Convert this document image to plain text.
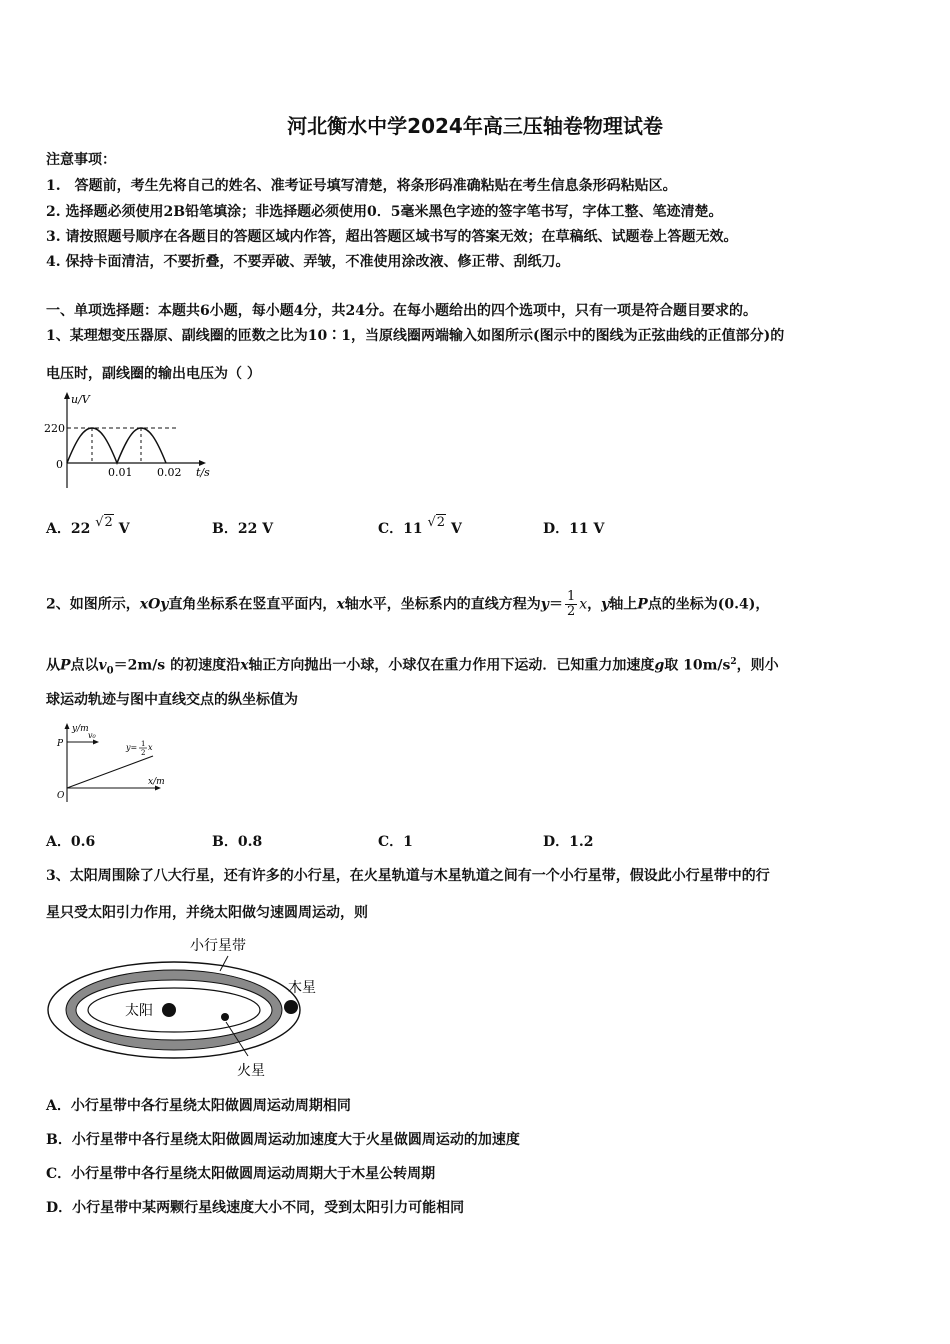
河北衡水中学2024年高三压轴卷物理试卷
注意事项：
1.　答题前，考生先将自己的姓名、准考证号填写清楚，将条形码准确粘贴在考生信息条形码粘贴区。
2. 选择题必须使用2B铅笔填涂；非选择题必须使用0．5毫米黑色字迹的签字笔书写，字体工整、笔迹清楚。
3. 请按照题号顺序在各题目的答题区域内作答，超出答题区域书写的答案无效；在草稿纸、试题卷上答题无效。
4. 保持卡面清洁，不要折叠，不要弄破、弄皱，不准使用涂改液、修正带、刮纸刀。
一、单项选择题：本题共6小题，每小题4分，共24分。在每小题给出的四个选项中，只有一项是符合题目要求的。
1、某理想变压器原、副线圈的匝数之比为10∶1，当原线圈两端输入如图所示(图示中的图线为正弦曲线的正值部分)的
电压时，副线圈的输出电压为（ ）
u/V
220
0
0.01 0.02 t/s
A．22 √2 V	B．22 V	C．11 √2 V	D．11 V
2、如图所示，xOy直角坐标系在竖直平面内，x轴水平，坐标系内的直线方程为$y= \frac{1}{2}$ x，y轴上P点的坐标为(0.4)，
从P点以$v_0=2m/s$ 的初速度沿x轴正方向抛出一小球，小球仅在重力作用下运动．已知重力加速度g取 $10m/s^2$，则小
球运动轨迹与图中直线交点的纵坐标值为
y/m
P
v₀
y= 1
2
x
x/m
O
A．0.6	B．0.8	C．1	D．1.2
3、太阳周围除了八大行星，还有许多的小行星，在火星轨道与木星轨道之间有一个小行星带，假设此小行星带中的行
星只受太阳引力作用，并绕太阳做匀速圆周运动，则
小行星带
木星
太阳
火星
A．小行星带中各行星绕太阳做圆周运动周期相同
B．小行星带中各行星绕太阳做圆周运动加速度大于火星做圆周运动的加速度
C．小行星带中各行星绕太阳做圆周运动周期大于木星公转周期
D．小行星带中某两颗行星线速度大小不同，受到太阳引力可能相同
